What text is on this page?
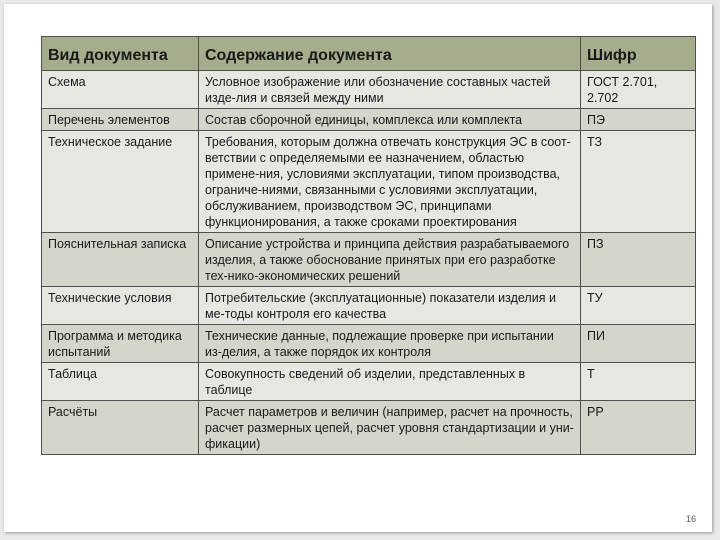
Вид документа	Содержание документа	Шифр
Схема	Условное изображение или обозначение составных частей изде-лия и связей между ними	ГОСТ 2.701, 2.702
Перечень элементов	Состав сборочной единицы, комплекса или комплекта	ПЭ
Техническое задание	Требования, которым должна отвечать конструкция ЭС в соот-ветствии с определяемыми ее назначением, областью примене-ния, условиями эксплуатации, типом производства, ограниче-ниями, связанными с условиями эксплуатации, обслуживанием, производством ЭС, принципами функционирования, а также сроками проектирования	ТЗ
Пояснительная записка	Описание устройства и принципа действия разрабатываемого изделия, а также обоснование принятых при его разработке тех-нико-экономических решений	ПЗ
Технические условия	Потребительские (эксплуатационные) показатели изделия и ме-тоды контроля его качества	ТУ
Программа и методика испытаний	Технические данные, подлежащие проверке при испытании из-делия, а также порядок их контроля	ПИ
Таблица	Совокупность сведений об изделии, представленных в таблице	Т
Расчёты	Расчет параметров и величин (например, расчет на прочность, расчет размерных цепей, расчет уровня стандартизации и уни-фикации)	РР
16
